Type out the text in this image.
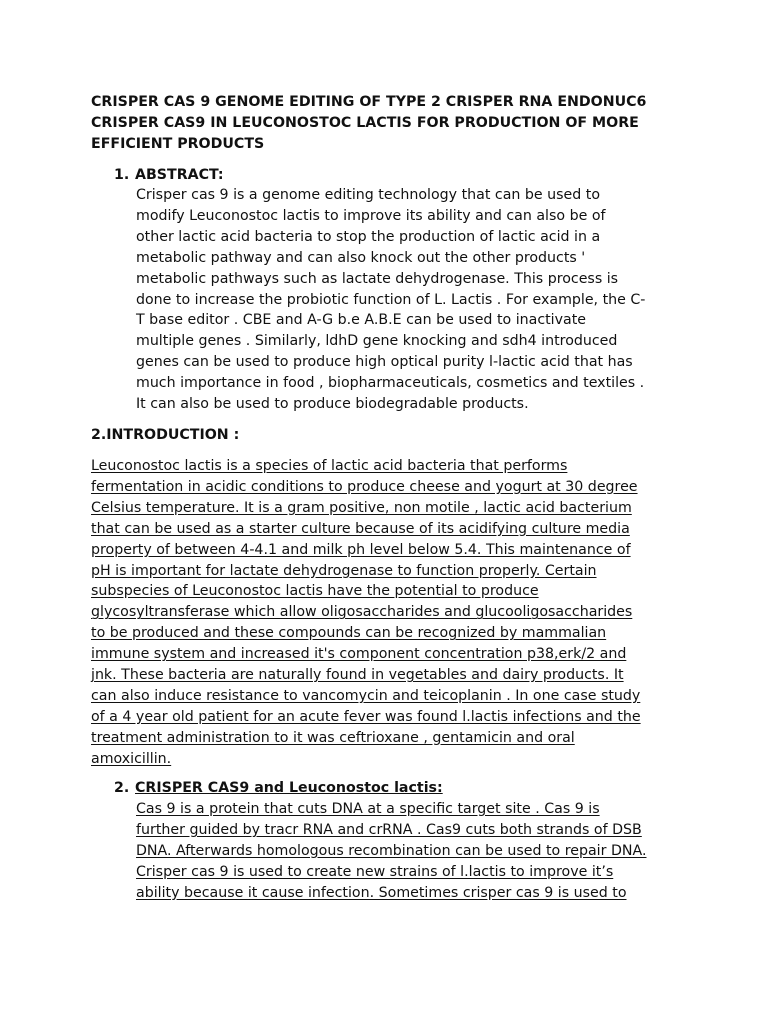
CRISPER CAS 9 GENOME EDITING OF TYPE 2 CRISPER RNA ENDONUC6
CRISPER CAS9 IN LEUCONOSTOC LACTIS FOR PRODUCTION OF MORE
EFFICIENT PRODUCTS
1. ABSTRACT:
Crisper cas 9 is a genome editing technology that can be used to
modify Leuconostoc lactis to improve its ability and can also be of
other lactic acid bacteria to stop the production of lactic acid in a
metabolic pathway and can also knock out the other products '
metabolic pathways such as lactate dehydrogenase. This process is
done to increase the probiotic function of L. Lactis . For example, the C-
T base editor . CBE and A-G b.e A.B.E can be used to inactivate
multiple genes . Similarly, ldhD gene knocking and sdh4 introduced
genes can be used to produce high optical purity l-lactic acid that has
much importance in food , biopharmaceuticals, cosmetics and textiles .
It can also be used to produce biodegradable products.
2.INTRODUCTION :
Leuconostoc lactis is a species of lactic acid bacteria that performs
fermentation in acidic conditions to produce cheese and yogurt at 30 degree
Celsius temperature. It is a gram positive, non motile , lactic acid bacterium
that can be used as a starter culture because of its acidifying culture media
property of between 4-4.1 and milk ph level below 5.4. This maintenance of
pH is important for lactate dehydrogenase to function properly. Certain
subspecies of Leuconostoc lactis have the potential to produce
glycosyltransferase which allow oligosaccharides and glucooligosaccharides
to be produced and these compounds can be recognized by mammalian
immune system and increased it's component concentration p38,erk/2 and
jnk. These bacteria are naturally found in vegetables and dairy products. It
can also induce resistance to vancomycin and teicoplanin . In one case study
of a 4 year old patient for an acute fever was found l.lactis infections and the
treatment administration to it was ceftrioxane , gentamicin and oral
amoxicillin.
2. CRISPER CAS9 and Leuconostoc lactis:
Cas 9 is a protein that cuts DNA at a specific target site . Cas 9 is
further guided by tracr RNA and crRNA . Cas9 cuts both strands of DSB
DNA. Afterwards homologous recombination can be used to repair DNA.
Crisper cas 9 is used to create new strains of l.lactis to improve it’s
ability because it cause infection. Sometimes crisper cas 9 is used to
